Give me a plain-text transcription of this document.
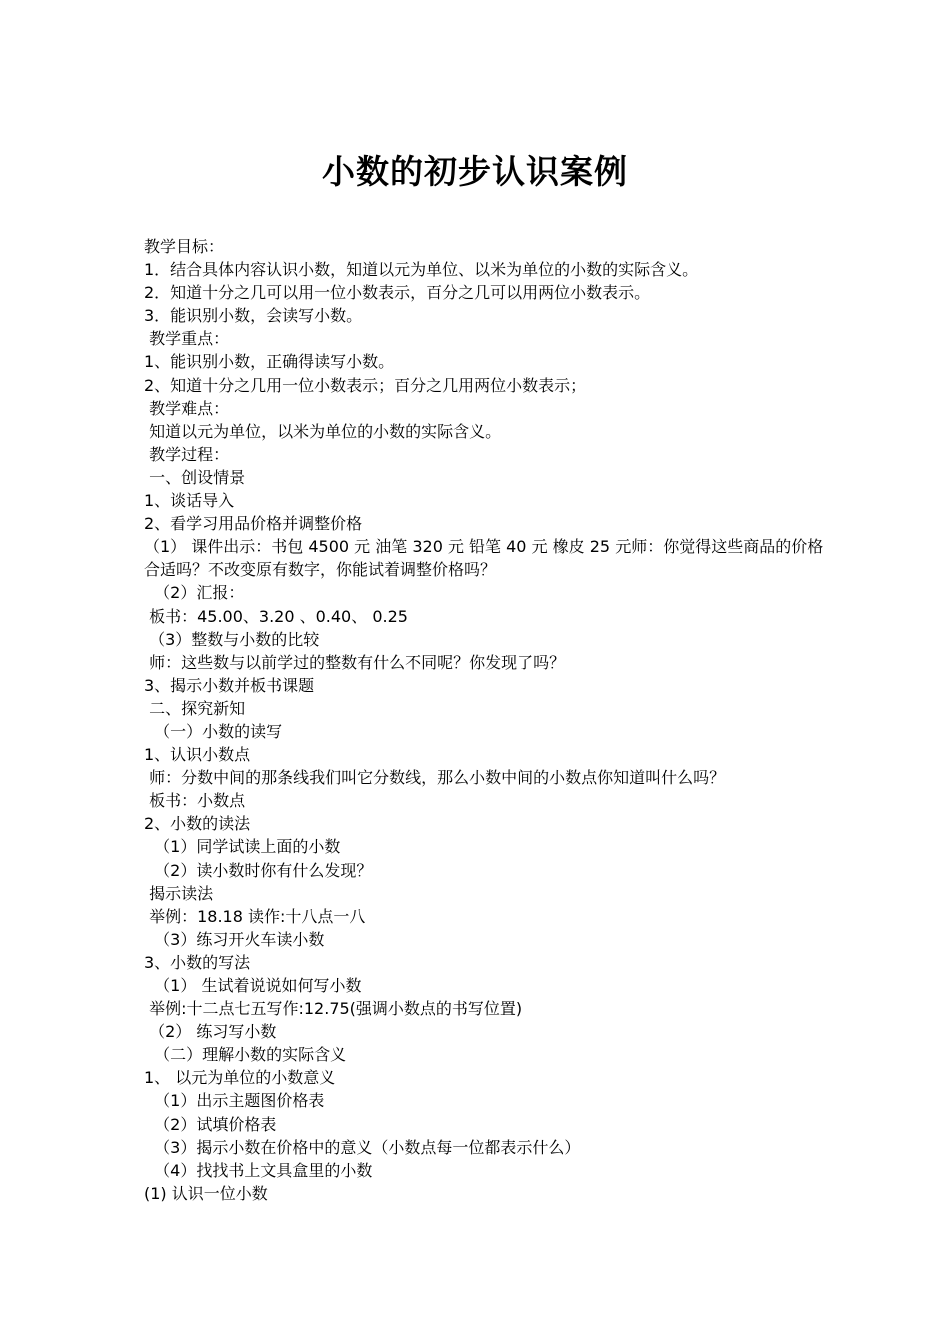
小数的初步认识案例

教学目标：

1．结合具体内容认识小数，知道以元为单位、以米为单位的小数的实际含义。

2．知道十分之几可以用一位小数表示，百分之几可以用两位小数表示。

3．能识别小数，会读写小数。

教学重点：

1、能识别小数，正确得读写小数。

2、知道十分之几用一位小数表示；百分之几用两位小数表示；

教学难点：

知道以元为单位，以米为单位的小数的实际含义。

教学过程：

一、创设情景

1、谈话导入

2、看学习用品价格并调整价格

（1） 课件出示：书包 4500 元 油笔 320 元 铅笔 40 元 橡皮 25 元师：你觉得这些商品的价格合适吗？不改变原有数字，你能试着调整价格吗？

（2）汇报：

板书：45.00、3.20 、0.40、 0.25

（3）整数与小数的比较

师：这些数与以前学过的整数有什么不同呢？你发现了吗？

3、揭示小数并板书课题

二、探究新知

（一）小数的读写

1、认识小数点

师：分数中间的那条线我们叫它分数线，那么小数中间的小数点你知道叫什么吗？

板书：小数点

2、小数的读法

（1）同学试读上面的小数

（2）读小数时你有什么发现？

揭示读法

举例：18.18 读作:十八点一八

（3）练习开火车读小数

3、小数的写法

（1） 生试着说说如何写小数

举例:十二点七五写作:12.75(强调小数点的书写位置)

（2） 练习写小数

（二）理解小数的实际含义

1、 以元为单位的小数意义

（1）出示主题图价格表

（2）试填价格表

（3）揭示小数在价格中的意义（小数点每一位都表示什么）

（4）找找书上文具盒里的小数

(1) 认识一位小数
